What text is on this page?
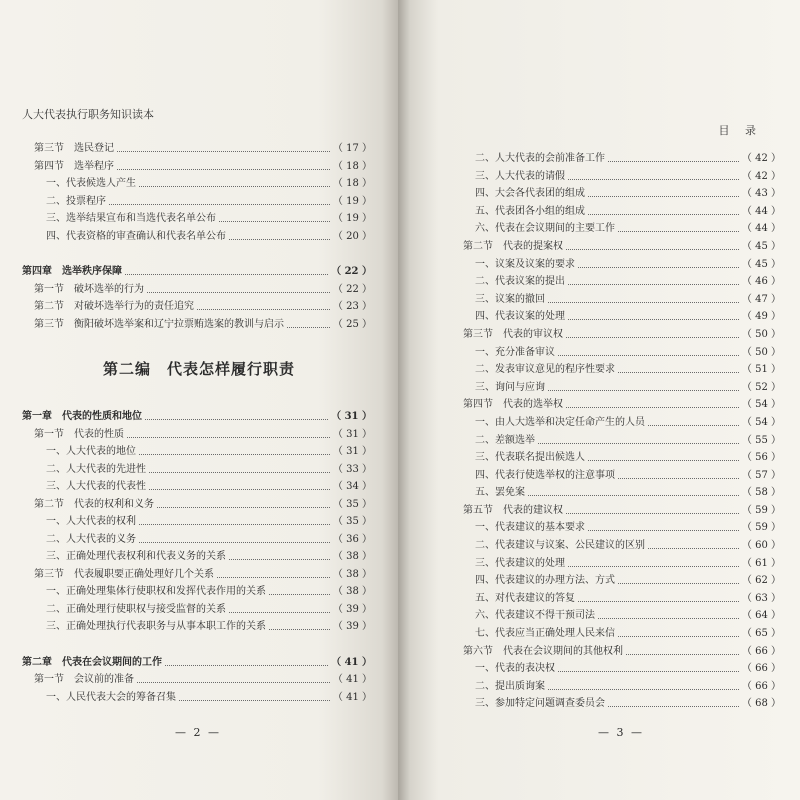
人大代表执行职务知识读本
第三节　选民登记	（ 17 ）
第四节　选举程序	（ 18 ）
一、代表候选人产生	（ 18 ）
二、投票程序	（ 19 ）
三、选举结果宣布和当选代表名单公布	（ 19 ）
四、代表资格的审查确认和代表名单公布	（ 20 ）
第四章　选举秩序保障	（ 22 ）
第一节　破坏选举的行为	（ 22 ）
第二节　对破坏选举行为的责任追究	（ 23 ）
第三节　衡阳破坏选举案和辽宁拉票贿选案的教训与启示	（ 25 ）
第二编　代表怎样履行职责
第一章　代表的性质和地位	（ 31 ）
第一节　代表的性质	（ 31 ）
一、人大代表的地位	（ 31 ）
二、人大代表的先进性	（ 33 ）
三、人大代表的代表性	（ 34 ）
第二节　代表的权利和义务	（ 35 ）
一、人大代表的权利	（ 35 ）
二、人大代表的义务	（ 36 ）
三、正确处理代表权利和代表义务的关系	（ 38 ）
第三节　代表履职要正确处理好几个关系	（ 38 ）
一、正确处理集体行使职权和发挥代表作用的关系	（ 38 ）
二、正确处理行使职权与接受监督的关系	（ 39 ）
三、正确处理执行代表职务与从事本职工作的关系	（ 39 ）
第二章　代表在会议期间的工作	（ 41 ）
第一节　会议前的准备	（ 41 ）
一、人民代表大会的筹备召集	（ 41 ）
— 2 —
目 录
— 3 —
二、人大代表的会前准备工作	（ 42 ）
三、人大代表的请假	（ 42 ）
四、大会各代表团的组成	（ 43 ）
五、代表团各小组的组成	（ 44 ）
六、代表在会议期间的主要工作	（ 44 ）
第二节　代表的提案权	（ 45 ）
一、议案及议案的要求	（ 45 ）
二、代表议案的提出	（ 46 ）
三、议案的撤回	（ 47 ）
四、代表议案的处理	（ 49 ）
第三节　代表的审议权	（ 50 ）
一、充分准备审议	（ 50 ）
二、发表审议意见的程序性要求	（ 51 ）
三、询问与应询	（ 52 ）
第四节　代表的选举权	（ 54 ）
一、由人大选举和决定任命产生的人员	（ 54 ）
二、差额选举	（ 55 ）
三、代表联名提出候选人	（ 56 ）
四、代表行使选举权的注意事项	（ 57 ）
五、罢免案	（ 58 ）
第五节　代表的建议权	（ 59 ）
一、代表建议的基本要求	（ 59 ）
二、代表建议与议案、公民建议的区别	（ 60 ）
三、代表建议的处理	（ 61 ）
四、代表建议的办理方法、方式	（ 62 ）
五、对代表建议的答复	（ 63 ）
六、代表建议不得干预司法	（ 64 ）
七、代表应当正确处理人民来信	（ 65 ）
第六节　代表在会议期间的其他权利	（ 66 ）
一、代表的表决权	（ 66 ）
二、提出质询案	（ 66 ）
三、参加特定问题调查委员会	（ 68 ）
